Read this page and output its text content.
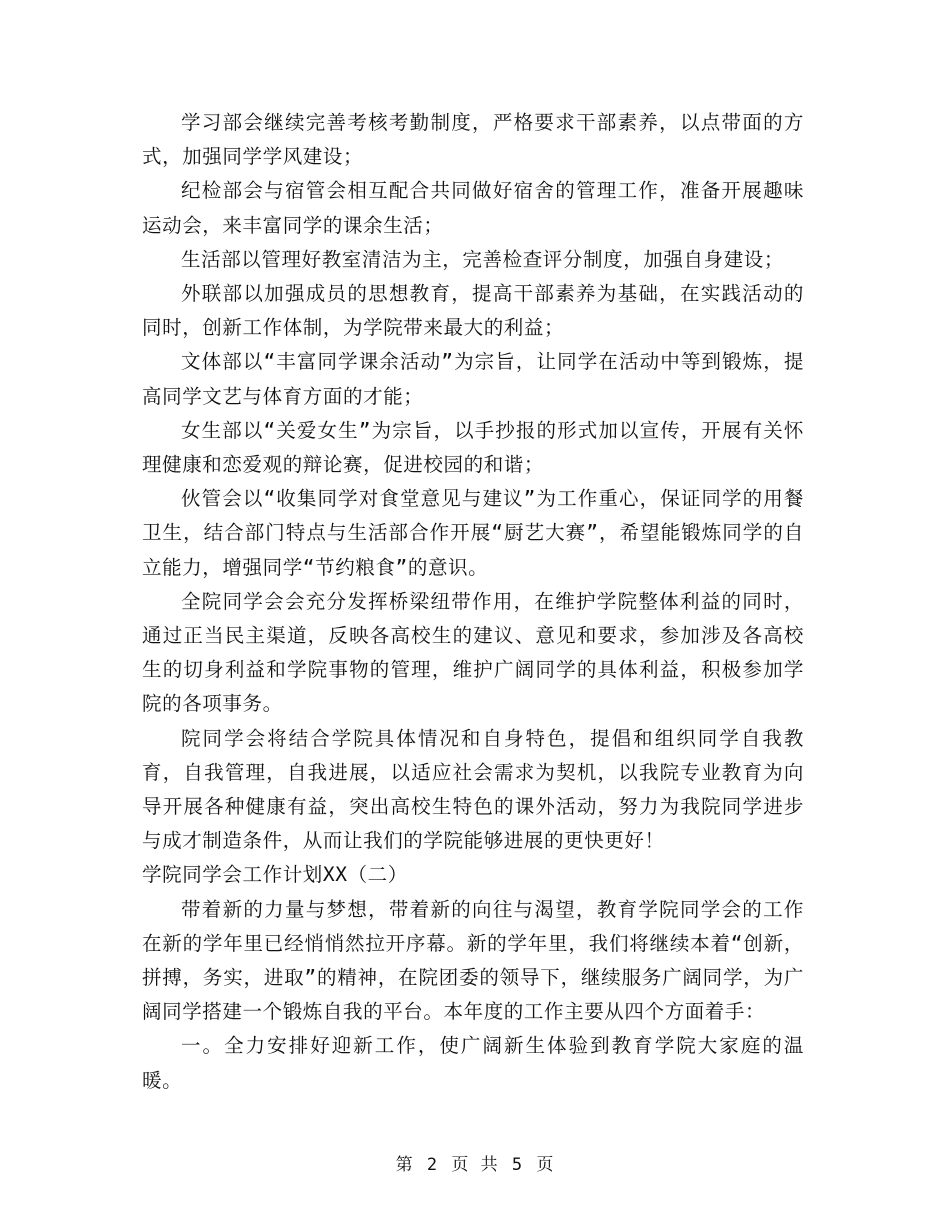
学习部会继续完善考核考勤制度，严格要求干部素养，以点带面的方式，加强同学学风建设；

纪检部会与宿管会相互配合共同做好宿舍的管理工作，准备开展趣味运动会，来丰富同学的课余生活；

生活部以管理好教室清洁为主，完善检查评分制度，加强自身建设；

外联部以加强成员的思想教育，提高干部素养为基础，在实践活动的同时，创新工作体制，为学院带来最大的利益；

文体部以“丰富同学课余活动”为宗旨，让同学在活动中等到锻炼，提高同学文艺与体育方面的才能；

女生部以“关爱女生”为宗旨，以手抄报的形式加以宣传，开展有关怀理健康和恋爱观的辩论赛，促进校园的和谐；

伙管会以“收集同学对食堂意见与建议”为工作重心，保证同学的用餐卫生，结合部门特点与生活部合作开展“厨艺大赛”，希望能锻炼同学的自立能力，增强同学“节约粮食”的意识。

全院同学会会充分发挥桥梁纽带作用，在维护学院整体利益的同时，通过正当民主渠道，反映各高校生的建议、意见和要求，参加涉及各高校生的切身利益和学院事物的管理，维护广阔同学的具体利益，积极参加学院的各项事务。

院同学会将结合学院具体情况和自身特色，提倡和组织同学自我教育，自我管理，自我进展，以适应社会需求为契机，以我院专业教育为向导开展各种健康有益，突出高校生特色的课外活动，努力为我院同学进步与成才制造条件，从而让我们的学院能够进展的更快更好！

学院同学会工作计划XX（二）

带着新的力量与梦想，带着新的向往与渴望，教育学院同学会的工作在新的学年里已经悄悄然拉开序幕。新的学年里，我们将继续本着“创新，拼搏，务实，进取”的精神，在院团委的领导下，继续服务广阔同学，为广阔同学搭建一个锻炼自我的平台。本年度的工作主要从四个方面着手：

一。全力安排好迎新工作，使广阔新生体验到教育学院大家庭的温暖。

第 2 页 共 5 页
